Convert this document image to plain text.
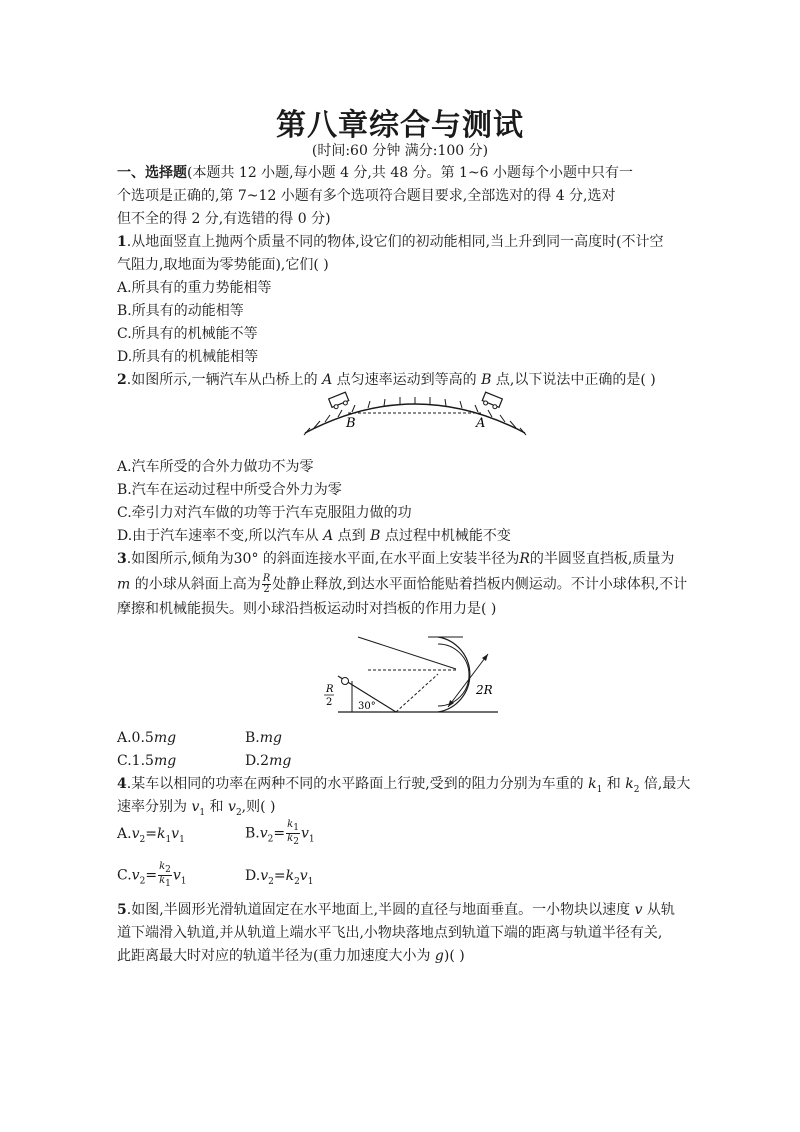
第八章综合与测试
(时间:60 分钟 满分:100 分)
一、选择题(本题共 12 小题,每小题 4 分,共 48 分。第 1~6 小题每个小题中只有一
个选项是正确的,第 7~12 小题有多个选项符合题目要求,全部选对的得 4 分,选对
但不全的得 2 分,有选错的得 0 分)
1.从地面竖直上抛两个质量不同的物体,设它们的初动能相同,当上升到同一高度时(不计空
气阻力,取地面为零势能面),它们( )
A.所具有的重力势能相等
B.所具有的动能相等
C.所具有的机械能不等
D.所具有的机械能相等
2.如图所示,一辆汽车从凸桥上的 A 点匀速率运动到等高的 B 点,以下说法中正确的是( )
B	A
A.汽车所受的合外力做功不为零
B.汽车在运动过程中所受合外力为零
C.牵引力对汽车做的功等于汽车克服阻力做的功
D.由于汽车速率不变,所以汽车从 A 点到 B 点过程中机械能不变
3.如图所示,倾角为30° 的斜面连接水平面,在水平面上安装半径为R的半圆竖直挡板,质量为
m 的小球从斜面上高为 $\frac{R}{2}$ 处静止释放,到达水平面恰能贴着挡板内侧运动。不计小球体积,不计
摩擦和机械能损失。则小球沿挡板运动时对挡板的作用力是( )
R
2	30°
2R
A.0.5mg	B.mg
C.1.5mg	D.2mg
4.某车以相同的功率在两种不同的水平路面上行驶,受到的阻力分别为车重的 $k_1$ 和 $k_2$ 倍,最大
速率分别为 $v_1$ 和 $v_2$,则( )
$A.v_2=k_1v_1$	$B.v_2= \frac{k_1}{k_2} v_1$
$C.v_2= \frac{k_2}{k_1} v_1$	$D.v_2=k_2v_1$
5.如图,半圆形光滑轨道固定在水平地面上,半圆的直径与地面垂直。一小物块以速度 v 从轨
道下端滑入轨道,并从轨道上端水平飞出,小物块落地点到轨道下端的距离与轨道半径有关,
此距离最大时对应的轨道半径为(重力加速度大小为 g)( )
